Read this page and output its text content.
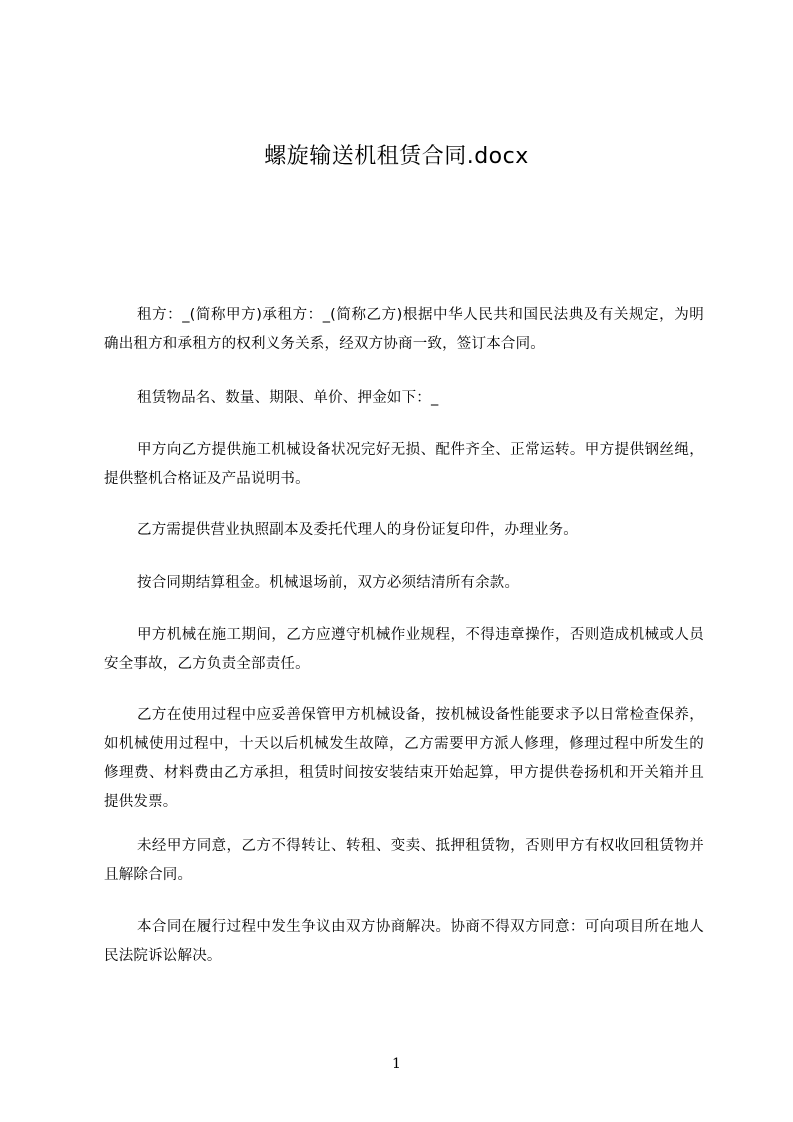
螺旋输送机租赁合同.docx

租方：_(简称甲方)承租方：_(简称乙方)根据中华人民共和国民法典及有关规定，为明确出租方和承租方的权利义务关系，经双方协商一致，签订本合同。

租赁物品名、数量、期限、单价、押金如下：_

甲方向乙方提供施工机械设备状况完好无损、配件齐全、正常运转。甲方提供钢丝绳，提供整机合格证及产品说明书。

乙方需提供营业执照副本及委托代理人的身份证复印件，办理业务。

按合同期结算租金。机械退场前，双方必须结清所有余款。

甲方机械在施工期间，乙方应遵守机械作业规程，不得违章操作，否则造成机械或人员安全事故，乙方负责全部责任。

乙方在使用过程中应妥善保管甲方机械设备，按机械设备性能要求予以日常检查保养，如机械使用过程中，十天以后机械发生故障，乙方需要甲方派人修理，修理过程中所发生的修理费、材料费由乙方承担，租赁时间按安装结束开始起算，甲方提供卷扬机和开关箱并且提供发票。

未经甲方同意，乙方不得转让、转租、变卖、抵押租赁物，否则甲方有权收回租赁物并且解除合同。

本合同在履行过程中发生争议由双方协商解决。协商不得双方同意：可向项目所在地人民法院诉讼解决。

1
